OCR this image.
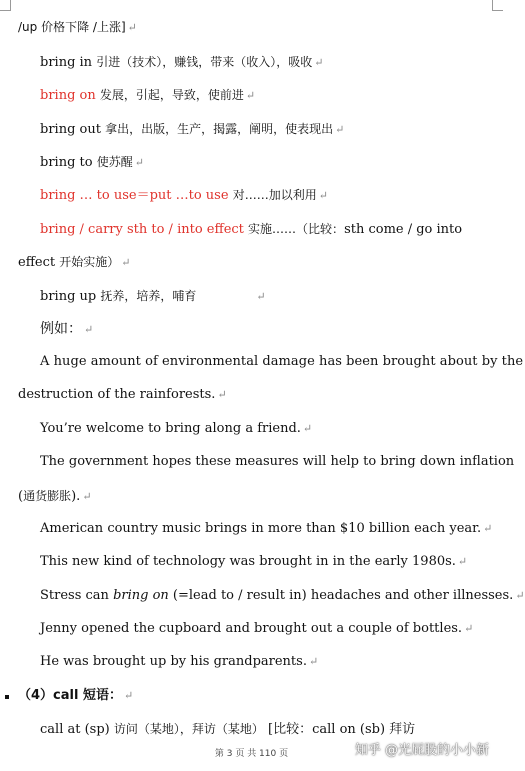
/up 价格下降 /上涨] ↵
bring in 引进（技术），赚钱，带来（收入），吸收 ↵
bring on 发展，引起，导致，使前进 ↵
bring out 拿出，出版，生产，揭露，阐明，使表现出 ↵
bring to 使苏醒 ↵
bring … to use＝put …to use 对……加以利用 ↵
bring / carry sth to / into effect 实施……（比较：sth come / go into
effect 开始实施） ↵
bring up 抚养，培养，哺育	↵
例如： ↵
A huge amount of environmental damage has been brought about by the
destruction of the rainforests. ↵
You’re welcome to bring along a friend. ↵
The government hopes these measures will help to bring down inflation
(通货膨胀). ↵
American country music brings in more than $10 billion each year. ↵
This new kind of technology was brought in in the early 1980s. ↵
Stress can bring on (=lead to / result in) headaches and other illnesses. ↵
Jenny opened the cupboard and brought out a couple of bottles. ↵
He was brought up by his grandparents. ↵
（4）call 短语： ↵
call at (sp) 访问（某地），拜访（某地） [比较：call on (sb) 拜访
第 3 页 共 110 页	知乎 @光屁股的小小新
